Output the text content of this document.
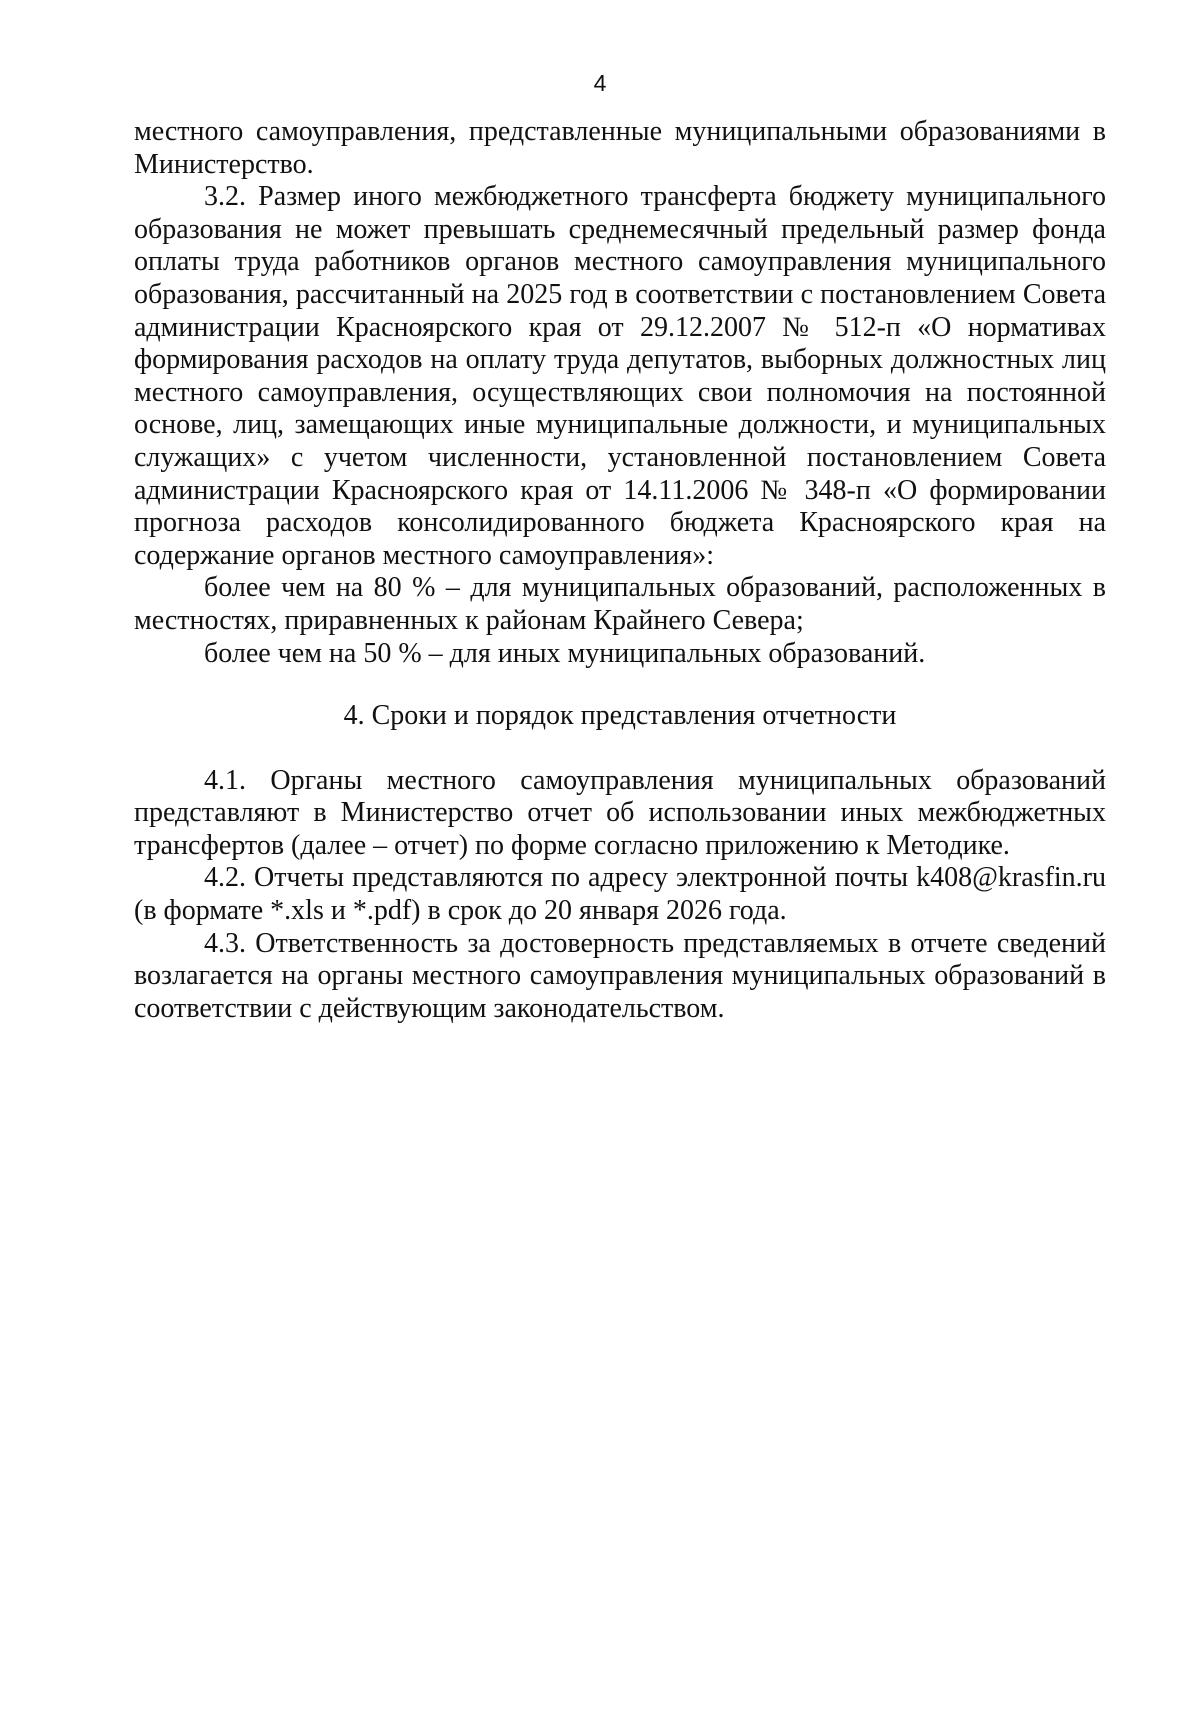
4

местного самоуправления, представленные муниципальными образованиями в Министерство.

3.2. Размер иного межбюджетного трансферта бюджету муниципального образования не может превышать среднемесячный предельный размер фонда оплаты труда работников органов местного самоуправления муниципального образования, рассчитанный на 2025 год в соответствии с постановлением Совета администрации Красноярского края от 29.12.2007 № 512-п «О нормативах формирования расходов на оплату труда депутатов, выборных должностных лиц местного самоуправления, осуществляющих свои полномочия на постоянной основе, лиц, замещающих иные муниципальные должности, и муниципальных служащих» с учетом численности, установленной постановлением Совета администрации Красноярского края от 14.11.2006 № 348-п «О формировании прогноза расходов консолидированного бюджета Красноярского края на содержание органов местного самоуправления»:

более чем на 80 % – для муниципальных образований, расположенных в местностях, приравненных к районам Крайнего Севера;

более чем на 50 % – для иных муниципальных образований.

4. Сроки и порядок представления отчетности

4.1. Органы местного самоуправления муниципальных образований представляют в Министерство отчет об использовании иных межбюджетных трансфертов (далее – отчет) по форме согласно приложению к Методике.

4.2. Отчеты представляются по адресу электронной почты k408@krasfin.ru (в формате *.xls и *.pdf) в срок до 20 января 2026 года.

4.3. Ответственность за достоверность представляемых в отчете сведений возлагается на органы местного самоуправления муниципальных образований в соответствии с действующим законодательством.
